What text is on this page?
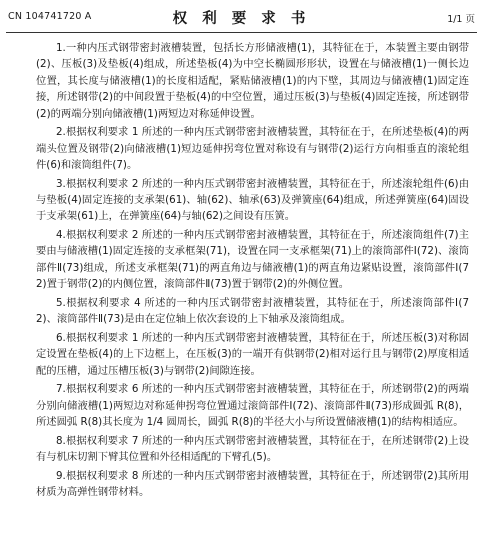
CN 104741720 A	权 利 要 求 书	1/1 页

1.一种内压式钢带密封液槽装置，包括长方形储液槽(1)，其特征在于，本装置主要由钢带(2)、压板(3)及垫板(4)组成，所述垫板(4)为中空长椭圆形形状，设置在与储液槽(1)一侧长边位置，其长度与储液槽(1)的长度相适配，紧贴储液槽(1)的内下壁，其周边与储液槽(1)固定连接，所述钢带(2)的中间段置于垫板(4)的中空位置，通过压板(3)与垫板(4)固定连接，所述钢带(2)的两端分别向储液槽(1)两短边对称延伸设置。

2.根据权利要求 1 所述的一种内压式钢带密封液槽装置，其特征在于，在所述垫板(4)的两端头位置及钢带(2)向储液槽(1)短边延伸拐弯位置对称设有与钢带(2)运行方向相垂直的滚轮组件(6)和滚筒组件(7)。

3.根据权利要求 2 所述的一种内压式钢带密封液槽装置，其特征在于，所述滚轮组件(6)由与垫板(4)固定连接的支承架(61)、轴(62)、轴承(63)及弹簧座(64)组成，所述弹簧座(64)固设于支承架(61)上，在弹簧座(64)与轴(62)之间设有压簧。

4.根据权利要求 2 所述的一种内压式钢带密封液槽装置，其特征在于，所述滚筒组件(7)主要由与储液槽(1)固定连接的支承框架(71)，设置在同一支承框架(71)上的滚筒部件Ⅰ(72)、滚筒部件Ⅱ(73)组成，所述支承框架(71)的两直角边与储液槽(1)的两直角边紧贴设置，滚筒部件Ⅰ(72)置于钢带(2)的内侧位置，滚筒部件Ⅱ(73)置于钢带(2)的外侧位置。

5.根据权利要求 4 所述的一种内压式钢带密封液槽装置，其特征在于，所述滚筒部件Ⅰ(72)、滚筒部件Ⅱ(73)是由在定位轴上依次套设的上下轴承及滚筒组成。

6.根据权利要求 1 所述的一种内压式钢带密封液槽装置，其特征在于，所述压板(3)对称固定设置在垫板(4)的上下边框上，在压板(3)的一端开有供钢带(2)相对运行且与钢带(2)厚度相适配的压槽，通过压槽压板(3)与钢带(2)间隙连接。

7.根据权利要求 6 所述的一种内压式钢带密封液槽装置，其特征在于，所述钢带(2)的两端分别向储液槽(1)两短边对称延伸拐弯位置通过滚筒部件Ⅰ(72)、滚筒部件Ⅱ(73)形成圆弧 R(8)，所述圆弧 R(8)其长度为 1/4 圆周长，圆弧 R(8)的半径大小与所设置储液槽(1)的结构相适应。

8.根据权利要求 7 所述的一种内压式钢带密封液槽装置，其特征在于，在所述钢带(2)上设有与机床切割下臂其位置和外径相适配的下臂孔(5)。

9.根据权利要求 8 所述的一种内压式钢带密封液槽装置，其特征在于，所述钢带(2)其所用材质为高弹性钢带材料。
